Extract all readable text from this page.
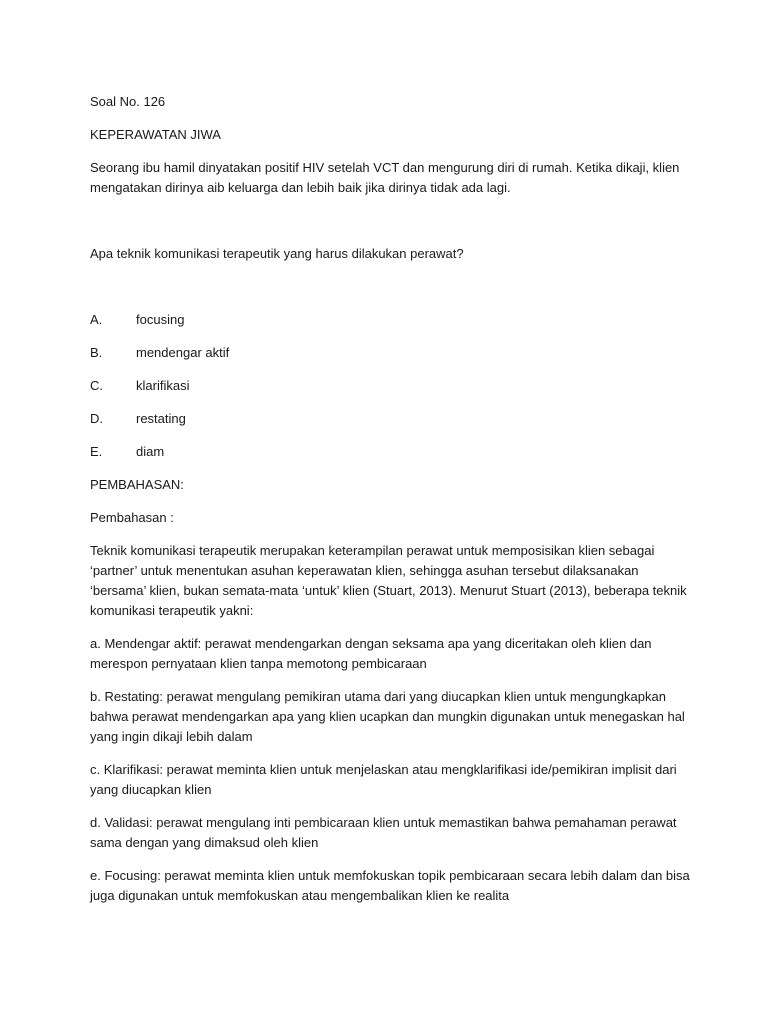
Soal No. 126

KEPERAWATAN JIWA

Seorang ibu hamil dinyatakan positif HIV setelah VCT dan mengurung diri di rumah. Ketika dikaji, klien mengatakan dirinya aib keluarga dan lebih baik jika dirinya tidak ada lagi.

Apa teknik komunikasi terapeutik yang harus dilakukan perawat?

A.	focusing
B.	mendengar aktif
C.	klarifikasi
D.	restating
E.	diam

PEMBAHASAN:

Pembahasan :

Teknik komunikasi terapeutik merupakan keterampilan perawat untuk memposisikan klien sebagai ‘partner’ untuk menentukan asuhan keperawatan klien, sehingga asuhan tersebut dilaksanakan ‘bersama’ klien, bukan semata-mata ‘untuk’ klien (Stuart, 2013). Menurut Stuart (2013), beberapa teknik komunikasi terapeutik yakni:

a. Mendengar aktif: perawat mendengarkan dengan seksama apa yang diceritakan oleh klien dan merespon pernyataan klien tanpa memotong pembicaraan

b. Restating: perawat mengulang pemikiran utama dari yang diucapkan klien untuk mengungkapkan bahwa perawat mendengarkan apa yang klien ucapkan dan mungkin digunakan untuk menegaskan hal yang ingin dikaji lebih dalam

c. Klarifikasi: perawat meminta klien untuk menjelaskan atau mengklarifikasi ide/pemikiran implisit dari yang diucapkan klien

d. Validasi: perawat mengulang inti pembicaraan klien untuk memastikan bahwa pemahaman perawat sama dengan yang dimaksud oleh klien

e. Focusing: perawat meminta klien untuk memfokuskan topik pembicaraan secara lebih dalam dan bisa juga digunakan untuk memfokuskan atau mengembalikan klien ke realita
